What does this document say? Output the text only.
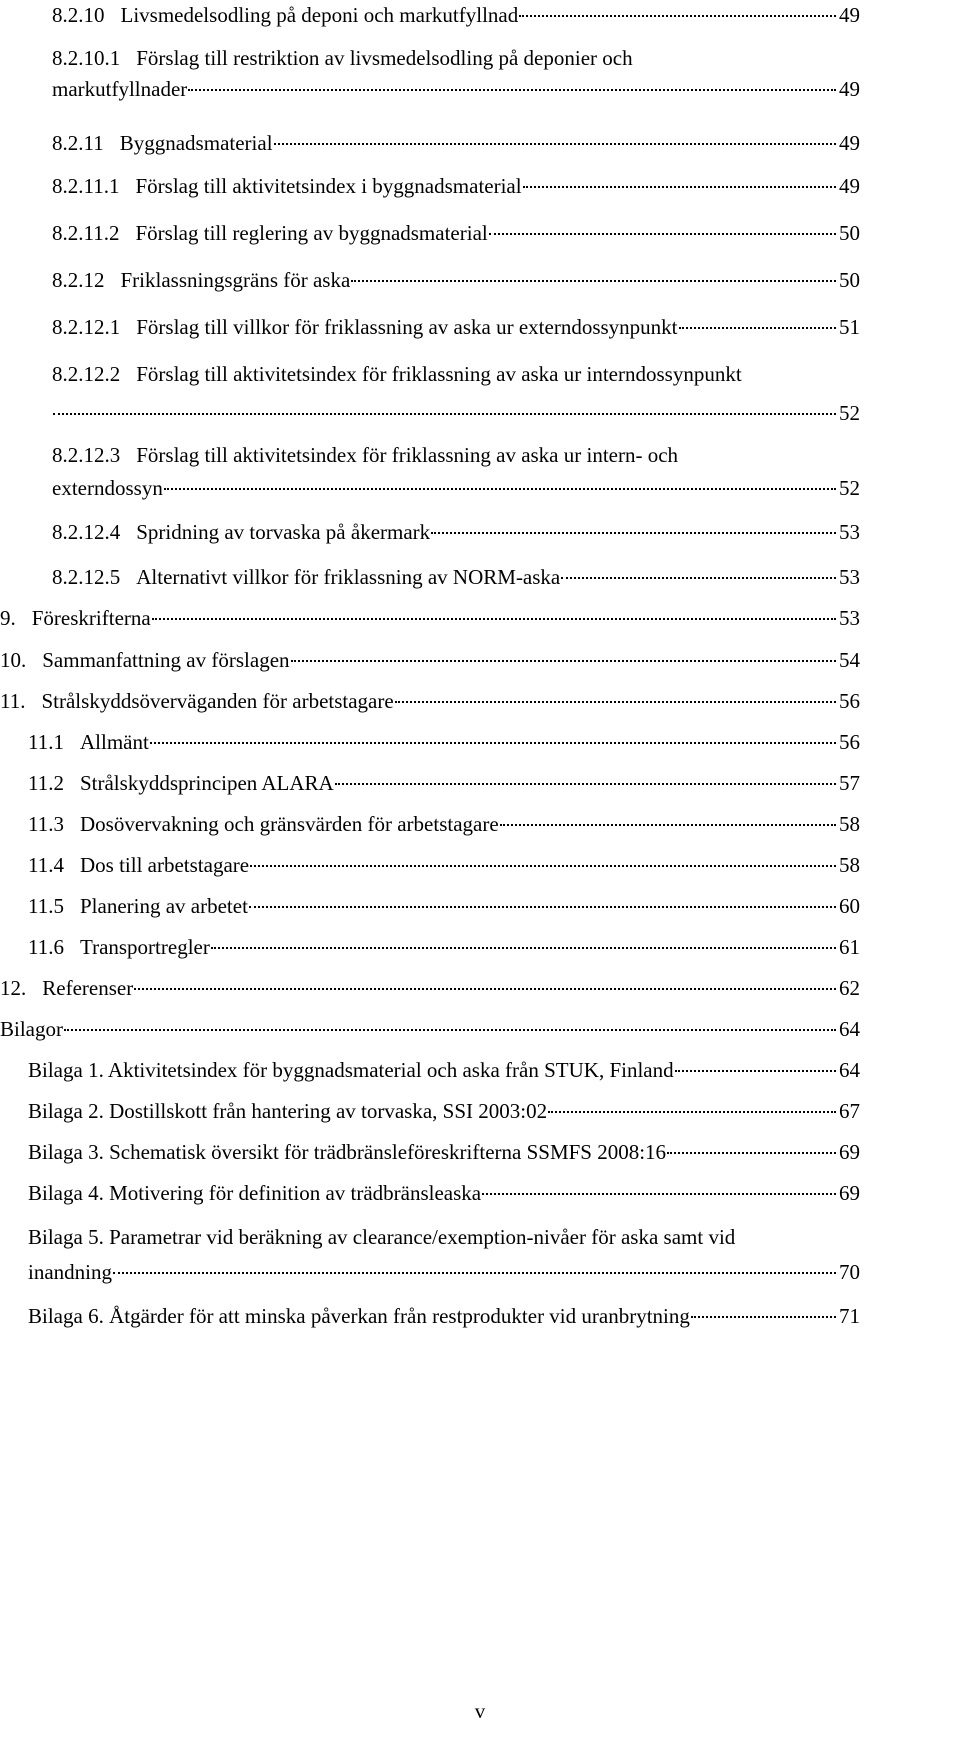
8.2.10 Livsmedelsodling på deponi och markutfyllnad	49
8.2.10.1 Förslag till restriktion av livsmedelsodling på deponier och
markutfyllnader	49
8.2.11 Byggnadsmaterial	49
8.2.11.1 Förslag till aktivitetsindex i byggnadsmaterial	49
8.2.11.2 Förslag till reglering av byggnadsmaterial	50
8.2.12 Friklassningsgräns för aska	50
8.2.12.1 Förslag till villkor för friklassning av aska ur externdossynpunkt	51
8.2.12.2 Förslag till aktivitetsindex för friklassning av aska ur interndossynpunkt
52
8.2.12.3 Förslag till aktivitetsindex för friklassning av aska ur intern- och
externdossyn	52
8.2.12.4 Spridning av torvaska på åkermark	53
8.2.12.5 Alternativt villkor för friklassning av NORM-aska	53
9. Föreskrifterna	53
10. Sammanfattning av förslagen	54
11. Strålskyddsöverväganden för arbetstagare	56
11.1 Allmänt	56
11.2 Strålskyddsprincipen ALARA	57
11.3 Dosövervakning och gränsvärden för arbetstagare	58
11.4 Dos till arbetstagare	58
11.5 Planering av arbetet	60
11.6 Transportregler	61
12. Referenser	62
Bilagor	64
Bilaga 1. Aktivitetsindex för byggnadsmaterial och aska från STUK, Finland	64
Bilaga 2. Dostillskott från hantering av torvaska, SSI 2003:02	67
Bilaga 3. Schematisk översikt för trädbränsleföreskrifterna SSMFS 2008:16	69
Bilaga 4. Motivering för definition av trädbränsleaska	69
Bilaga 5. Parametrar vid beräkning av clearance/exemption-nivåer för aska samt vid
inandning	70
Bilaga 6. Åtgärder för att minska påverkan från restprodukter vid uranbrytning	71
v
